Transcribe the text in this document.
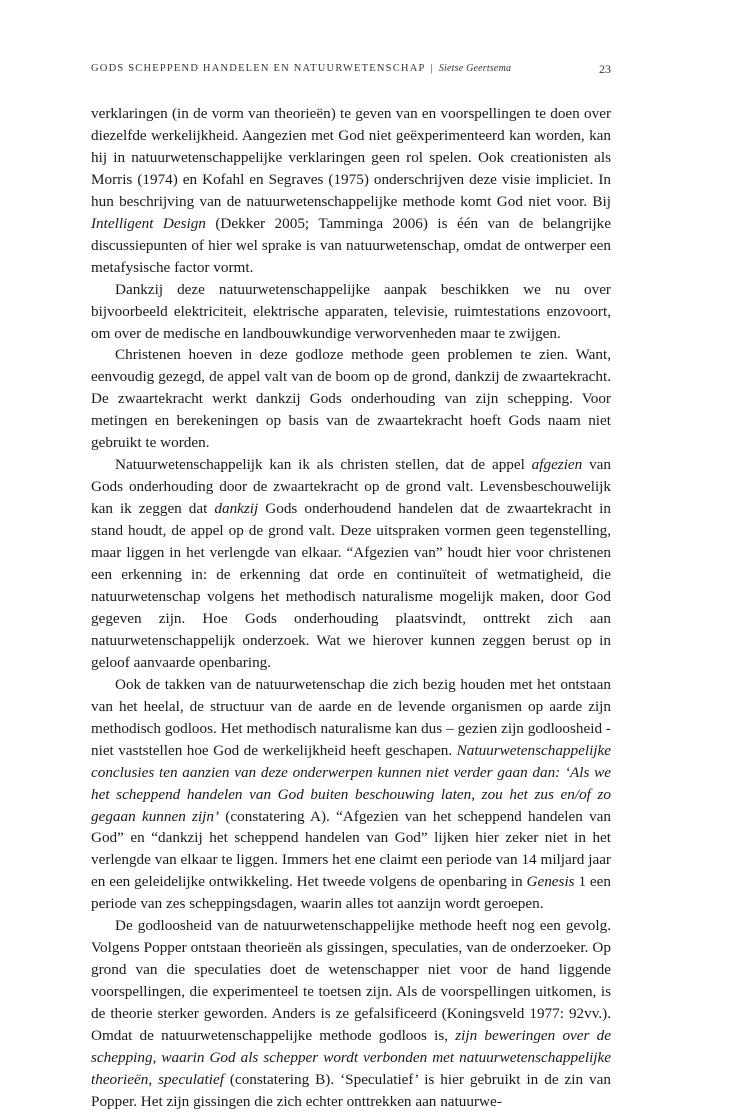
GODS SCHEPPEND HANDELEN EN NATUURWETENSCHAP | Sietse Geertsema	23

verklaringen (in de vorm van theorieën) te geven van en voorspellingen te doen over diezelfde werkelijkheid. Aangezien met God niet geëxperimenteerd kan worden, kan hij in natuurwetenschappelijke verklaringen geen rol spelen. Ook creationisten als Morris (1974) en Kofahl en Segraves (1975) onderschrijven deze visie impliciet. In hun beschrijving van de natuurwetenschappelijke methode komt God niet voor. Bij Intelligent Design (Dekker 2005; Tamminga 2006) is één van de belangrijke discussiepunten of hier wel sprake is van natuurwetenschap, omdat de ontwerper een metafysische factor vormt.

Dankzij deze natuurwetenschappelijke aanpak beschikken we nu over bijvoorbeeld elektriciteit, elektrische apparaten, televisie, ruimtestations enzovoort, om over de medische en landbouwkundige verworvenheden maar te zwijgen.

Christenen hoeven in deze godloze methode geen problemen te zien. Want, eenvoudig gezegd, de appel valt van de boom op de grond, dankzij de zwaartekracht. De zwaartekracht werkt dankzij Gods onderhouding van zijn schepping. Voor metingen en berekeningen op basis van de zwaartekracht hoeft Gods naam niet gebruikt te worden.

Natuurwetenschappelijk kan ik als christen stellen, dat de appel afgezien van Gods onderhouding door de zwaartekracht op de grond valt. Levensbeschouwelijk kan ik zeggen dat dankzij Gods onderhoudend handelen dat de zwaartekracht in stand houdt, de appel op de grond valt. Deze uitspraken vormen geen tegenstelling, maar liggen in het verlengde van elkaar. “Afgezien van” houdt hier voor christenen een erkenning in: de erkenning dat orde en continuïteit of wetmatigheid, die natuurwetenschap volgens het methodisch naturalisme mogelijk maken, door God gegeven zijn. Hoe Gods onderhouding plaatsvindt, onttrekt zich aan natuurwetenschappelijk onderzoek. Wat we hierover kunnen zeggen berust op in geloof aanvaarde openbaring.

Ook de takken van de natuurwetenschap die zich bezig houden met het ontstaan van het heelal, de structuur van de aarde en de levende organismen op aarde zijn methodisch godloos. Het methodisch naturalisme kan dus – gezien zijn godloosheid - niet vaststellen hoe God de werkelijkheid heeft geschapen. Natuurwetenschappelijke conclusies ten aanzien van deze onderwerpen kunnen niet verder gaan dan: ‘Als we het scheppend handelen van God buiten beschouwing laten, zou het zus en/of zo gegaan kunnen zijn’ (constatering A). “Afgezien van het scheppend handelen van God” en “dankzij het scheppend handelen van God” lijken hier zeker niet in het verlengde van elkaar te liggen. Immers het ene claimt een periode van 14 miljard jaar en een geleidelijke ontwikkeling. Het tweede volgens de openbaring in Genesis 1 een periode van zes scheppingsdagen, waarin alles tot aanzijn wordt geroepen.

De godloosheid van de natuurwetenschappelijke methode heeft nog een gevolg. Volgens Popper ontstaan theorieën als gissingen, speculaties, van de onderzoeker. Op grond van die speculaties doet de wetenschapper niet voor de hand liggende voorspellingen, die experimenteel te toetsen zijn. Als de voorspellingen uitkomen, is de theorie sterker geworden. Anders is ze gefalsificeerd (Koningsveld 1977: 92vv.). Omdat de natuurwetenschappelijke methode godloos is, zijn beweringen over de schepping, waarin God als schepper wordt verbonden met natuurwetenschappelijke theorieën, speculatief (constatering B). ‘Speculatief’ is hier gebruikt in de zin van Popper. Het zijn gissingen die zich echter onttrekken aan natuurwe-
